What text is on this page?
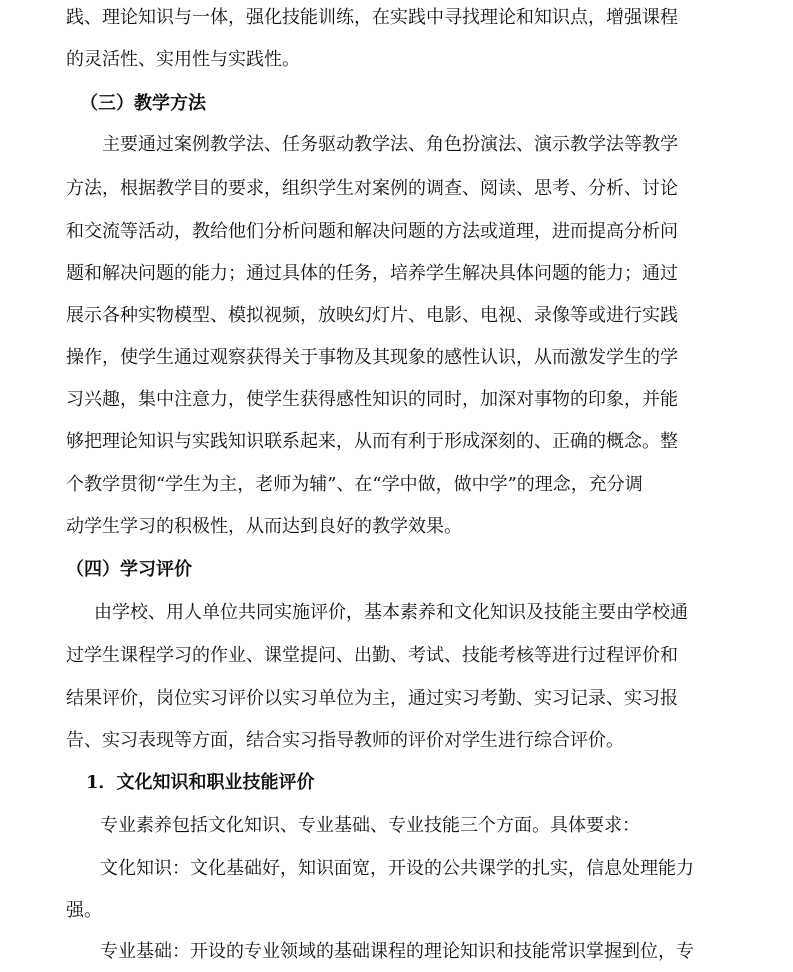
践、理论知识与一体，强化技能训练，在实践中寻找理论和知识点，增强课程
的灵活性、实用性与实践性。
（三）教学方法
主要通过案例教学法、任务驱动教学法、角色扮演法、演示教学法等教学
方法，根据教学目的要求，组织学生对案例的调查、阅读、思考、分析、讨论
和交流等活动，教给他们分析问题和解决问题的方法或道理，进而提高分析问
题和解决问题的能力；通过具体的任务，培养学生解决具体问题的能力；通过
展示各种实物模型、模拟视频，放映幻灯片、电影、电视、录像等或进行实践
操作，使学生通过观察获得关于事物及其现象的感性认识，从而激发学生的学
习兴趣，集中注意力，使学生获得感性知识的同时，加深对事物的印象，并能
够把理论知识与实践知识联系起来，从而有利于形成深刻的、正确的概念。整
个教学贯彻“学生为主，老师为辅”、在“学中做，做中学”的理念，充分调
动学生学习的积极性，从而达到良好的教学效果。
（四）学习评价
由学校、用人单位共同实施评价，基本素养和文化知识及技能主要由学校通
过学生课程学习的作业、课堂提问、出勤、考试、技能考核等进行过程评价和
结果评价，岗位实习评价以实习单位为主，通过实习考勤、实习记录、实习报
告、实习表现等方面，结合实习指导教师的评价对学生进行综合评价。
1．文化知识和职业技能评价
专业素养包括文化知识、专业基础、专业技能三个方面。具体要求：
文化知识：文化基础好，知识面宽，开设的公共课学的扎实，信息处理能力
强。
专业基础：开设的专业领域的基础课程的理论知识和技能常识掌握到位，专
